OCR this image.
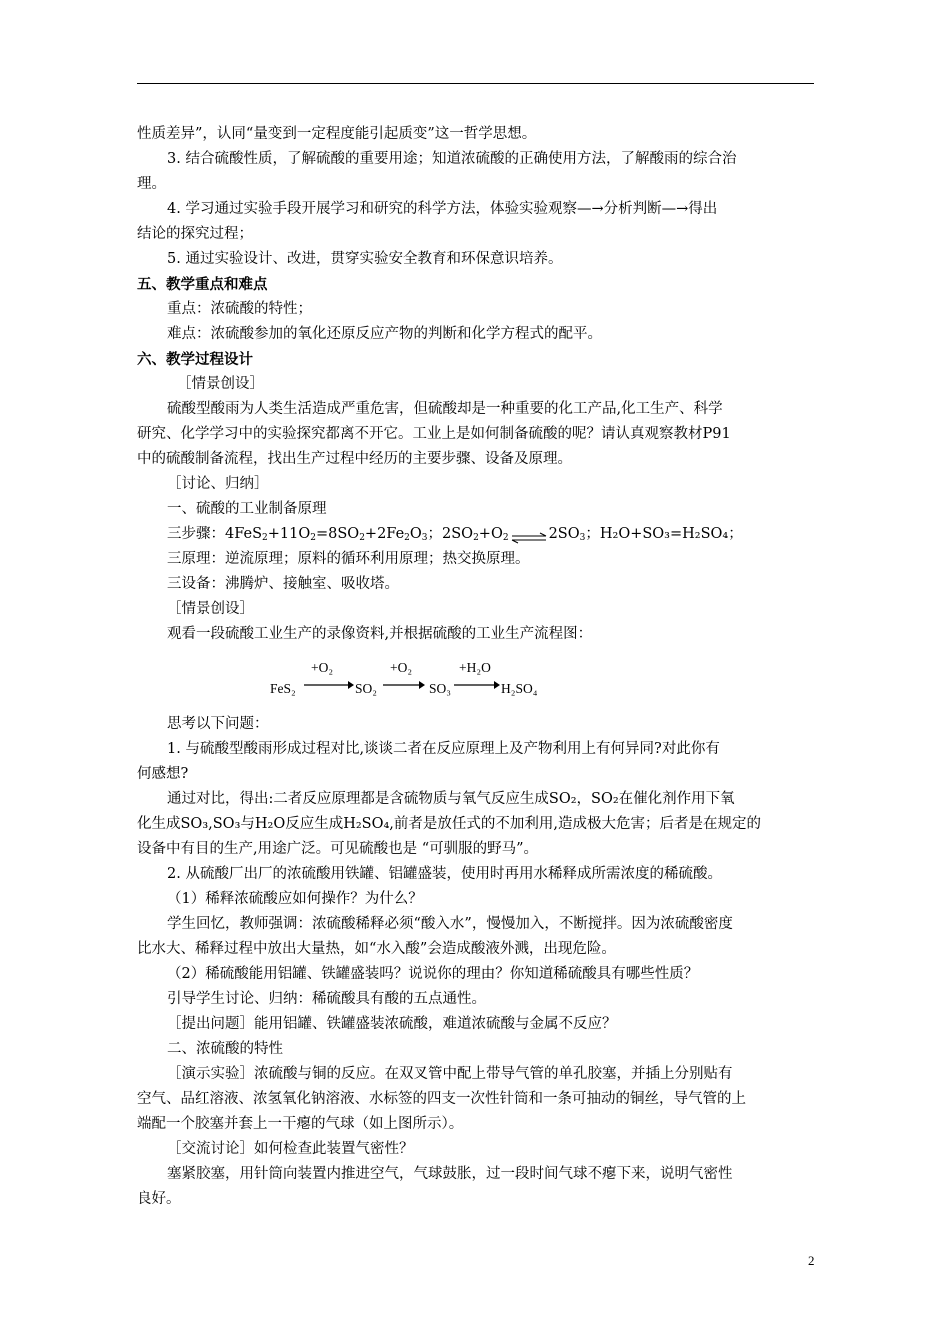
性质差异”，认同“量变到一定程度能引起质变”这一哲学思想。

3. 结合硫酸性质，了解硫酸的重要用途；知道浓硫酸的正确使用方法，了解酸雨的综合治

理。

4. 学习通过实验手段开展学习和研究的科学方法，体验实验观察—→分析判断—→得出

结论的探究过程；

5. 通过实验设计、改进，贯穿实验安全教育和环保意识培养。

五、教学重点和难点

重点：浓硫酸的特性；

难点：浓硫酸参加的氧化还原反应产物的判断和化学方程式的配平。

六、教学过程设计

［情景创设］

硫酸型酸雨为人类生活造成严重危害，但硫酸却是一种重要的化工产品,化工生产、科学

研究、化学学习中的实验探究都离不开它。工业上是如何制备硫酸的呢？请认真观察教材P91

中的硫酸制备流程，找出生产过程中经历的主要步骤、设备及原理。

［讨论、归纳］

一、硫酸的工业制备原理

三步骤：$4FeS_2+11O_2=8SO_2+2Fe_2O_3$；$2SO_2+O_2$ ⇌ $2SO_3$；H₂O+SO₃=H₂SO₄；

三原理：逆流原理；原料的循环利用原理；热交换原理。

三设备：沸腾炉、接触室、吸收塔。

［情景创设］

观看一段硫酸工业生产的录像资料,并根据硫酸的工业生产流程图：

FeS₂
+O₂
SO₂
+O₂
SO₃
+H₂O
H₂SO₄

思考以下问题：

1. 与硫酸型酸雨形成过程对比,谈谈二者在反应原理上及产物利用上有何异同?对此你有

何感想?

通过对比，得出:二者反应原理都是含硫物质与氧气反应生成SO₂，SO₂在催化剂作用下氧

化生成SO₃,SO₃与H₂O反应生成H₂SO₄,前者是放任式的不加利用,造成极大危害；后者是在规定的

设备中有目的生产,用途广泛。可见硫酸也是 “可驯服的野马”。

2. 从硫酸厂出厂的浓硫酸用铁罐、铝罐盛装，使用时再用水稀释成所需浓度的稀硫酸。

（1）稀释浓硫酸应如何操作？为什么？

学生回忆，教师强调：浓硫酸稀释必须“酸入水”，慢慢加入，不断搅拌。因为浓硫酸密度

比水大、稀释过程中放出大量热，如“水入酸”会造成酸液外溅，出现危险。

（2）稀硫酸能用铝罐、铁罐盛装吗？说说你的理由？你知道稀硫酸具有哪些性质？

引导学生讨论、归纳：稀硫酸具有酸的五点通性。

［提出问题］能用铝罐、铁罐盛装浓硫酸，难道浓硫酸与金属不反应？

二、浓硫酸的特性

［演示实验］浓硫酸与铜的反应。在双叉管中配上带导气管的单孔胶塞，并插上分别贴有

空气、品红溶液、浓氢氧化钠溶液、水标签的四支一次性针筒和一条可抽动的铜丝，导气管的上

端配一个胶塞并套上一干瘪的气球（如上图所示）。

［交流讨论］如何检查此装置气密性？

塞紧胶塞，用针筒向装置内推进空气，气球鼓胀，过一段时间气球不瘪下来，说明气密性

良好。

2
